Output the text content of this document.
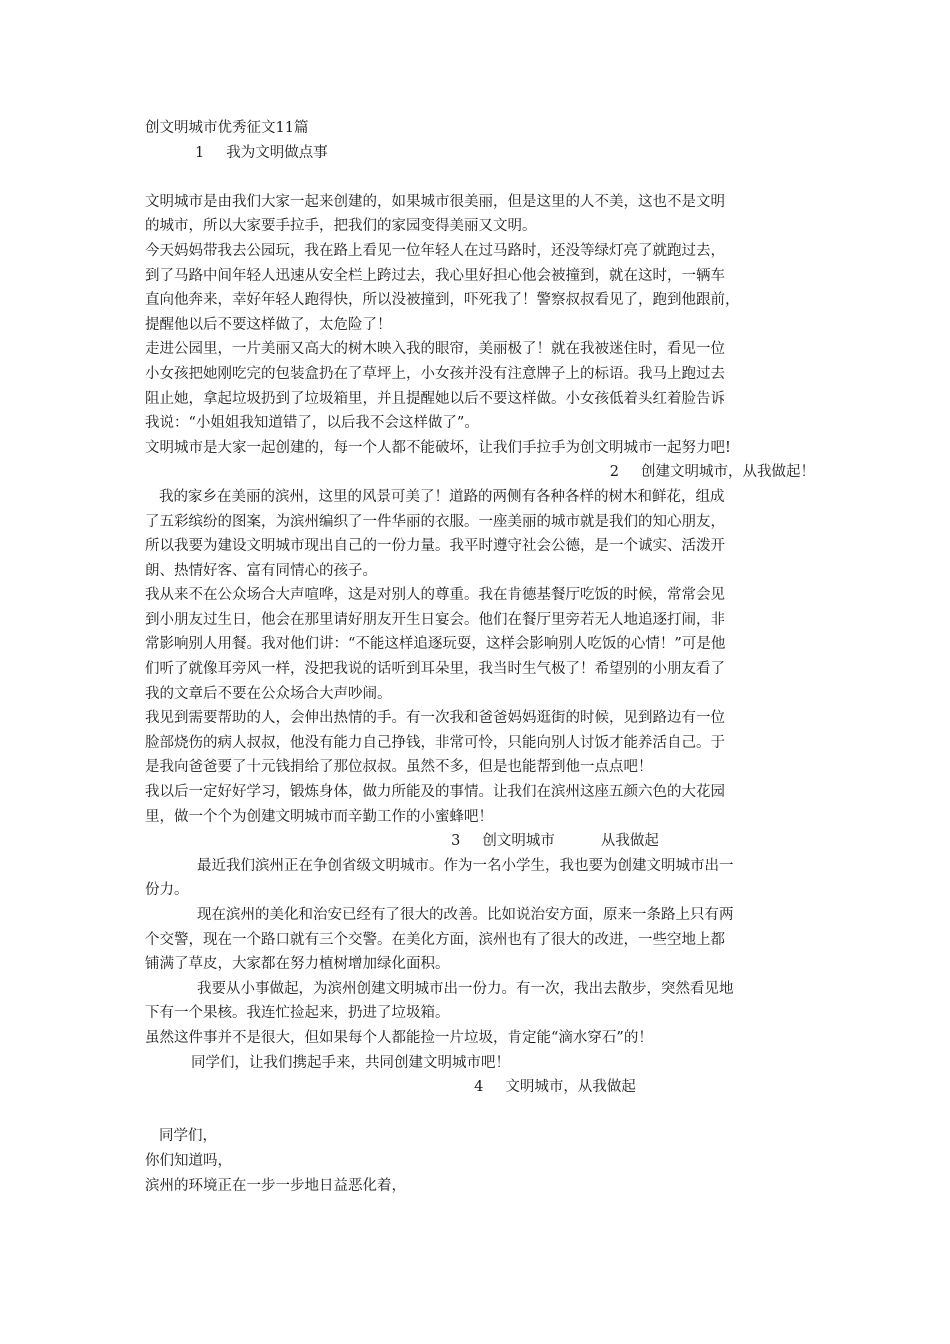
创文明城市优秀征文11篇
1 我为文明做点事
文明城市是由我们大家一起来创建的，如果城市很美丽，但是这里的人不美，这也不是文明
的城市，所以大家要手拉手，把我们的家园变得美丽又文明。
今天妈妈带我去公园玩，我在路上看见一位年轻人在过马路时，还没等绿灯亮了就跑过去，
到了马路中间年轻人迅速从安全栏上跨过去，我心里好担心他会被撞到，就在这时，一辆车
直向他奔来，幸好年轻人跑得快，所以没被撞到，吓死我了！警察叔叔看见了，跑到他跟前，
提醒他以后不要这样做了，太危险了！
走进公园里，一片美丽又高大的树木映入我的眼帘，美丽极了！就在我被迷住时，看见一位
小女孩把她刚吃完的包装盒扔在了草坪上，小女孩并没有注意牌子上的标语。我马上跑过去
阻止她，拿起垃圾扔到了垃圾箱里，并且提醒她以后不要这样做。小女孩低着头红着脸告诉
我说：“小姐姐我知道错了，以后我不会这样做了”。
文明城市是大家一起创建的，每一个人都不能破坏，让我们手拉手为创文明城市一起努力吧!
2 创建文明城市，从我做起！
我的家乡在美丽的滨州，这里的风景可美了！道路的两侧有各种各样的树木和鲜花，组成
了五彩缤纷的图案，为滨州编织了一件华丽的衣服。一座美丽的城市就是我们的知心朋友，
所以我要为建设文明城市现出自己的一份力量。我平时遵守社会公德，是一个诚实、活泼开
朗、热情好客、富有同情心的孩子。
我从来不在公众场合大声喧哗，这是对别人的尊重。我在肯德基餐厅吃饭的时候，常常会见
到小朋友过生日，他会在那里请好朋友开生日宴会。他们在餐厅里旁若无人地追逐打闹，非
常影响别人用餐。我对他们讲：“不能这样追逐玩耍，这样会影响别人吃饭的心情！”可是他
们听了就像耳旁风一样，没把我说的话听到耳朵里，我当时生气极了！希望别的小朋友看了
我的文章后不要在公众场合大声吵闹。
我见到需要帮助的人，会伸出热情的手。有一次我和爸爸妈妈逛街的时候，见到路边有一位
脸部烧伤的病人叔叔，他没有能力自己挣钱，非常可怜，只能向别人讨饭才能养活自己。于
是我向爸爸要了十元钱捐给了那位叔叔。虽然不多，但是也能帮到他一点点吧！
我以后一定好好学习，锻炼身体，做力所能及的事情。让我们在滨州这座五颜六色的大花园
里，做一个个为创建文明城市而辛勤工作的小蜜蜂吧！
3 创文明城市	从我做起
最近我们滨州正在争创省级文明城市。作为一名小学生，我也要为创建文明城市出一
份力。
现在滨州的美化和治安已经有了很大的改善。比如说治安方面，原来一条路上只有两
个交警，现在一个路口就有三个交警。在美化方面，滨州也有了很大的改进，一些空地上都
铺满了草皮，大家都在努力植树增加绿化面积。
我要从小事做起，为滨州创建文明城市出一份力。有一次，我出去散步，突然看见地
下有一个果核。我连忙捡起来，扔进了垃圾箱。
虽然这件事并不是很大，但如果每个人都能捡一片垃圾，肯定能“滴水穿石”的！
同学们，让我们携起手来，共同创建文明城市吧！
4 文明城市，从我做起
同学们，
你们知道吗，
滨州的环境正在一步一步地日益恶化着，
